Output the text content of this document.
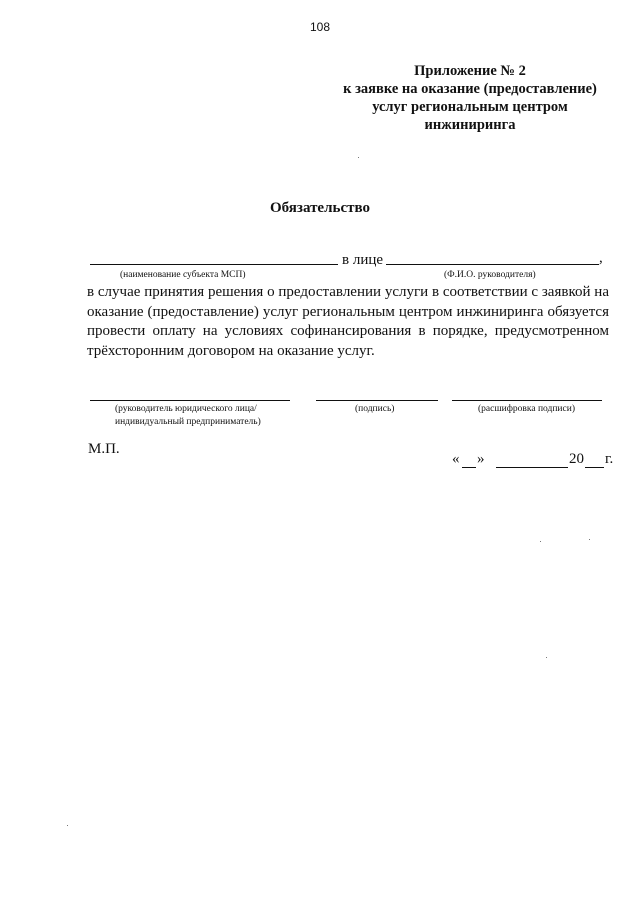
108
Приложение № 2
к заявке на оказание (предоставление)
услуг региональным центром
инжиниринга
Обязательство
в лице	,
(наименование субъекта МСП)	(Ф.И.О. руководителя)
в случае принятия решения о предоставлении услуги в соответствии с заявкой на оказание (предоставление) услуг региональным центром инжиниринга обязуется провести оплату на условиях софинансирования в порядке, предусмотренном трёхсторонним договором на оказание услуг.
(руководитель юридического лица/
индивидуальный предприниматель)
(подпись)	(расшифровка подписи)
М.П.
« »	20 г.
